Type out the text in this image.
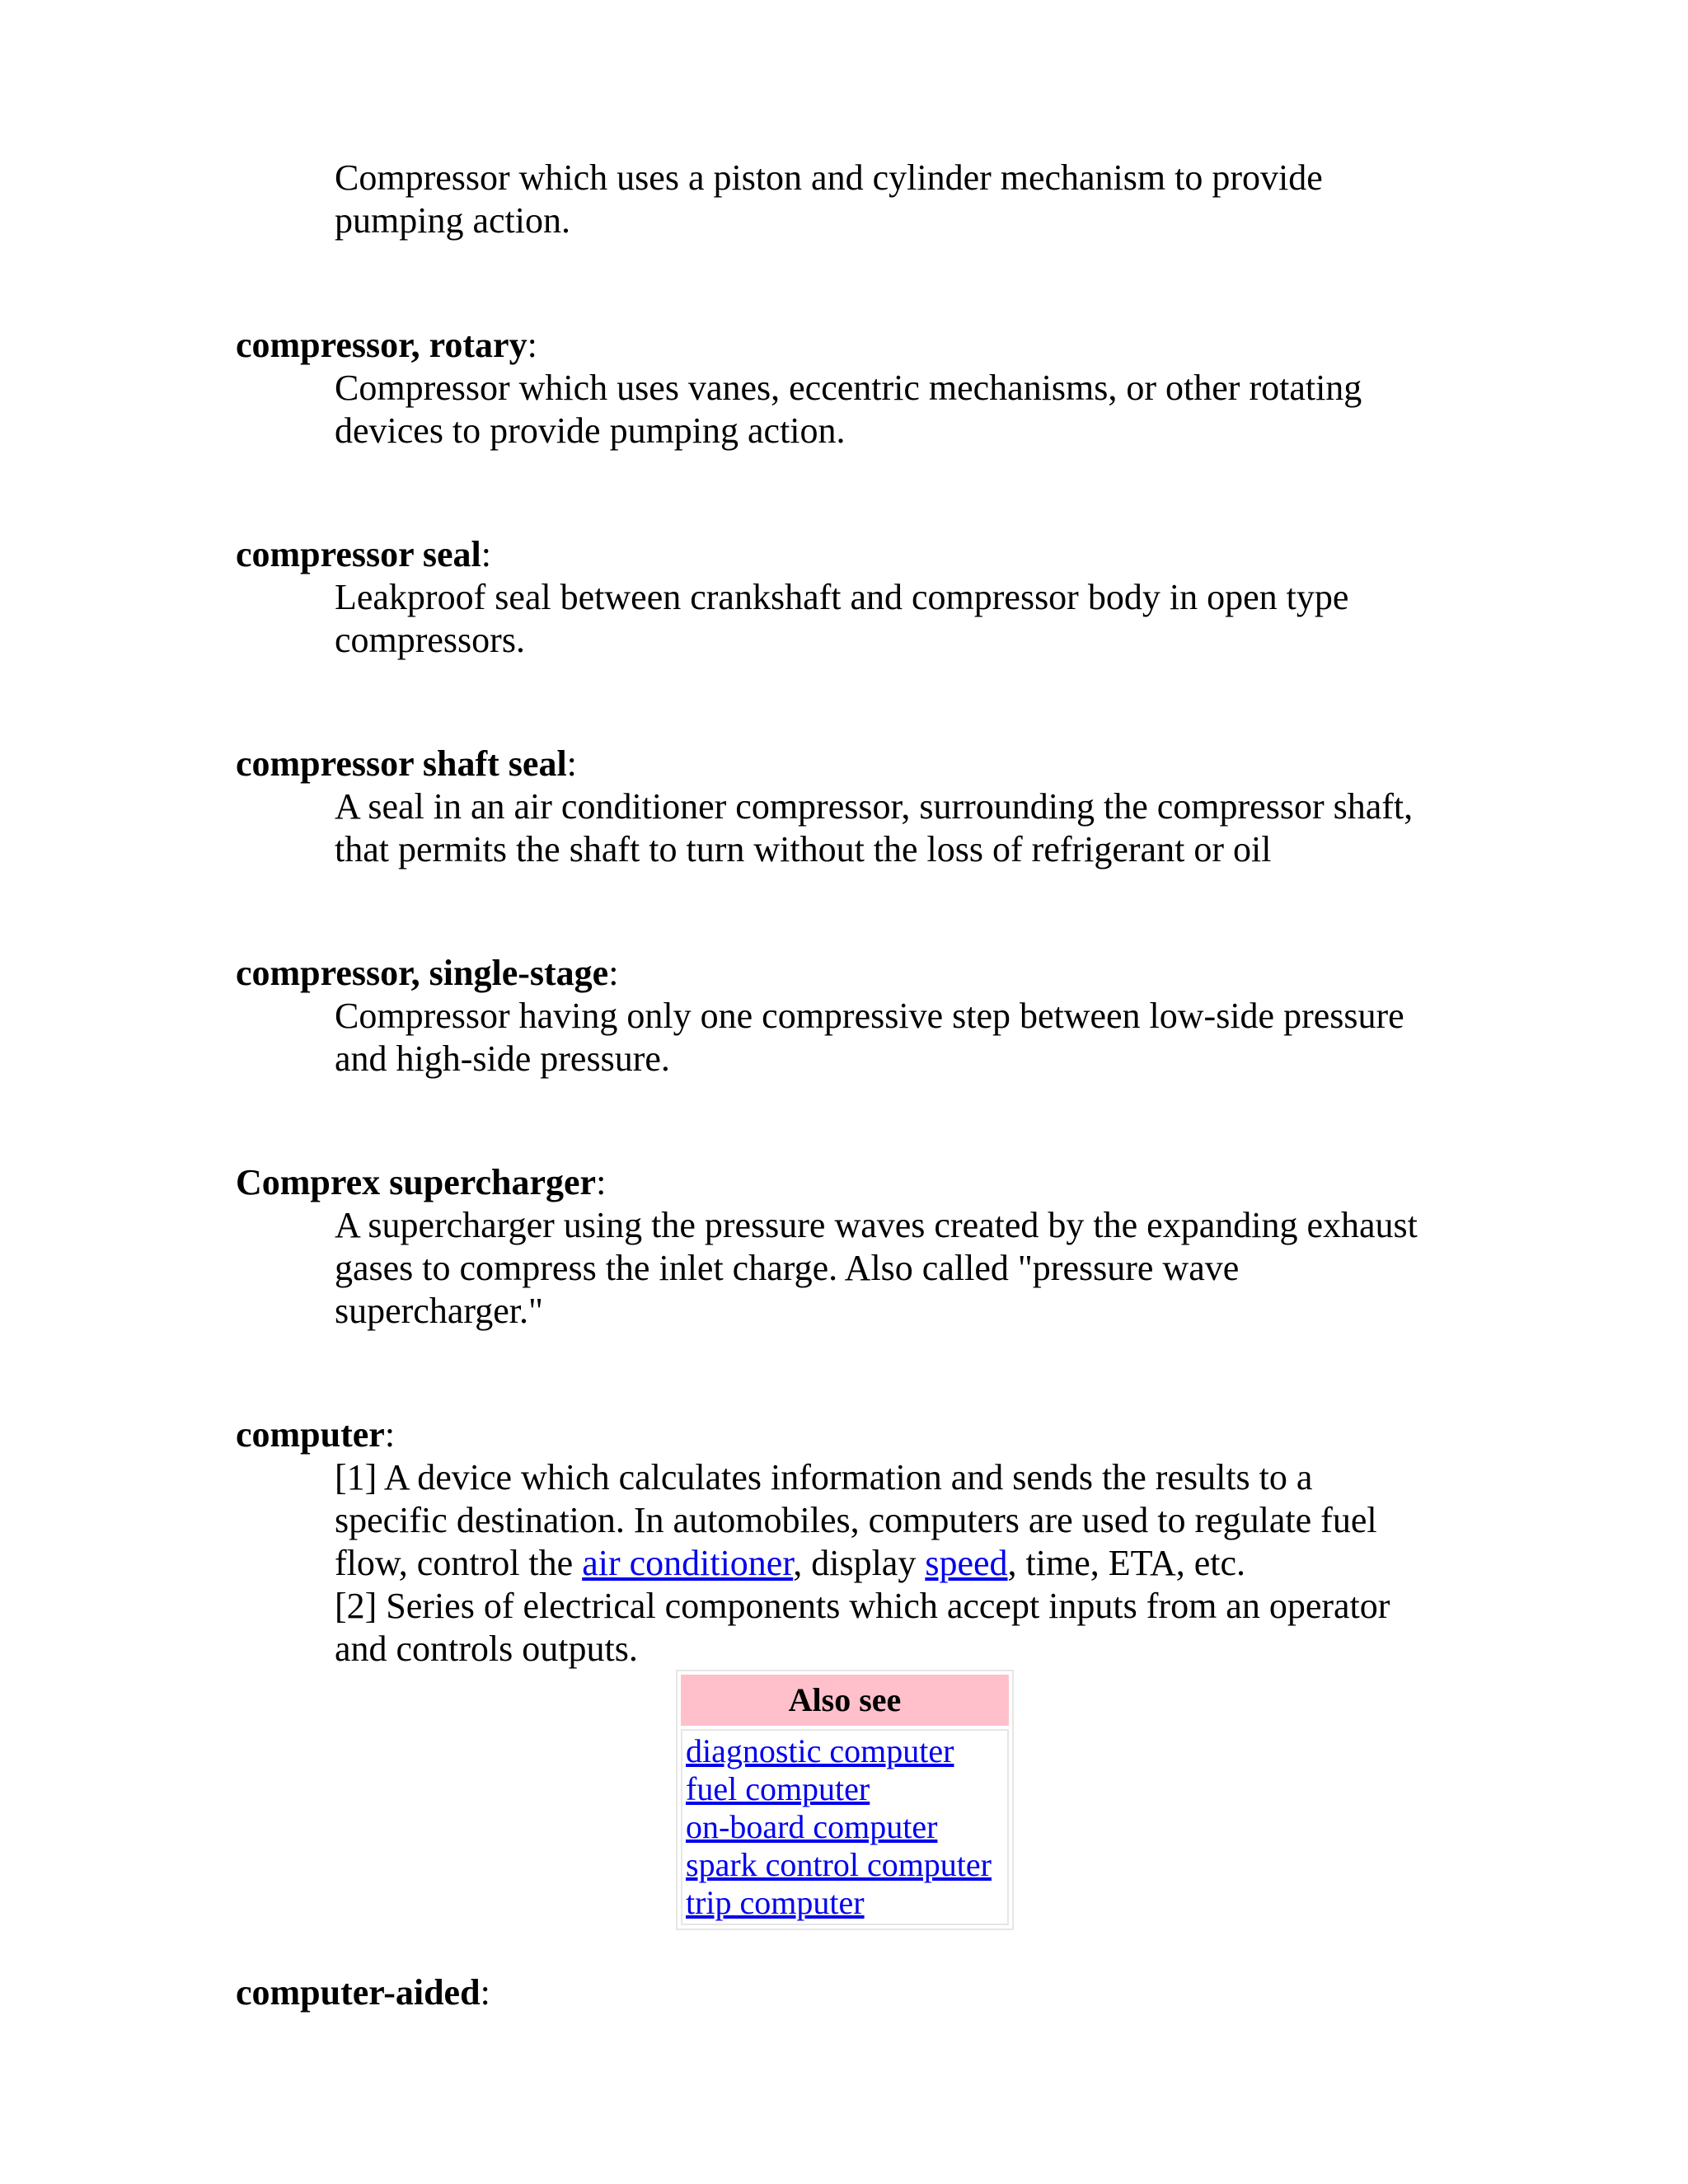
Compressor which uses a piston and cylinder mechanism to provide
pumping action.
compressor, rotary:
Compressor which uses vanes, eccentric mechanisms, or other rotating
devices to provide pumping action.
compressor seal:
Leakproof seal between crankshaft and compressor body in open type
compressors.
compressor shaft seal:
A seal in an air conditioner compressor, surrounding the compressor shaft,
that permits the shaft to turn without the loss of refrigerant or oil
compressor, single-stage:
Compressor having only one compressive step between low-side pressure
and high-side pressure.
Comprex supercharger:
A supercharger using the pressure waves created by the expanding exhaust
gases to compress the inlet charge. Also called "pressure wave
supercharger."
computer:
[1] A device which calculates information and sends the results to a
specific destination. In automobiles, computers are used to regulate fuel
flow, control the air conditioner, display speed, time, ETA, etc.
[2] Series of electrical components which accept inputs from an operator
and controls outputs.
Also see
diagnostic computer
fuel computer
on-board computer
spark control computer
trip computer
computer-aided:
